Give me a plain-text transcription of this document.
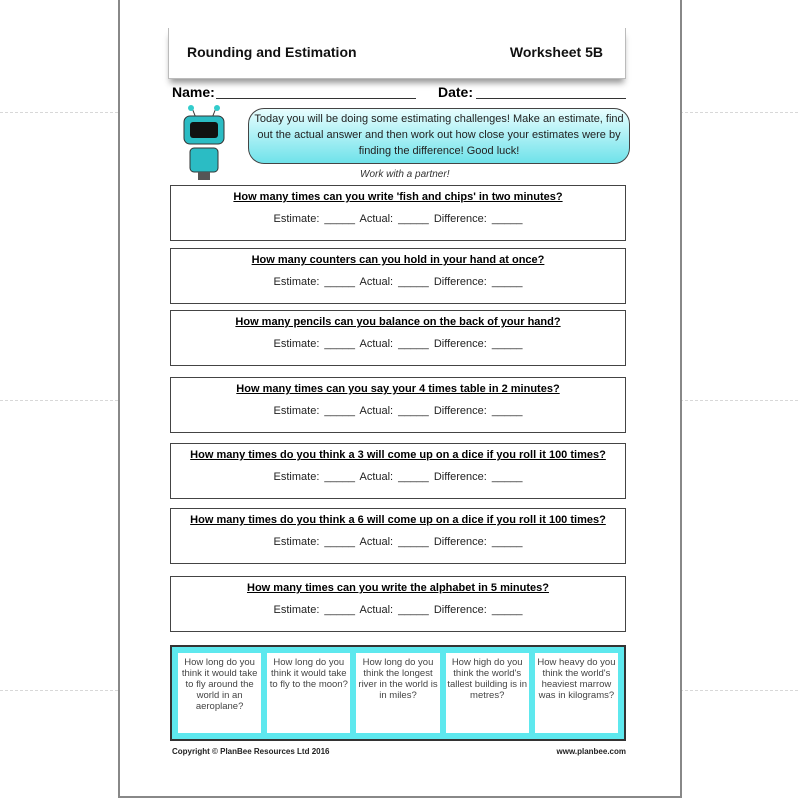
Rounding and Estimation	Worksheet 5B
Name:	Date:
Today you will be doing some estimating challenges! Make an estimate, find out the actual answer and then work out how close your estimates were by finding the difference! Good luck!
Work with a partner!
How many times can you write 'fish and chips' in two minutes?
Estimate: _____ Actual: _____ Difference: _____
How many counters can you hold in your hand at once?
Estimate: _____ Actual: _____ Difference: _____
How many pencils can you balance on the back of your hand?
Estimate: _____ Actual: _____ Difference: _____
How many times can you say your 4 times table in 2 minutes?
Estimate: _____ Actual: _____ Difference: _____
How many times do you think a 3 will come up on a dice if you roll it 100 times?
Estimate: _____ Actual: _____ Difference: _____
How many times do you think a 6 will come up on a dice if you roll it 100 times?
Estimate: _____ Actual: _____ Difference: _____
How many times can you write the alphabet in 5 minutes?
Estimate: _____ Actual: _____ Difference: _____
How long do you think it would take to fly around the world in an aeroplane?
How long do you think it would take to fly to the moon?
How long do you think the longest river in the world is in miles?
How high do you think the world's tallest building is in metres?
How heavy do you think the world's heaviest marrow was in kilograms?
Copyright © PlanBee Resources Ltd 2016	www.planbee.com
